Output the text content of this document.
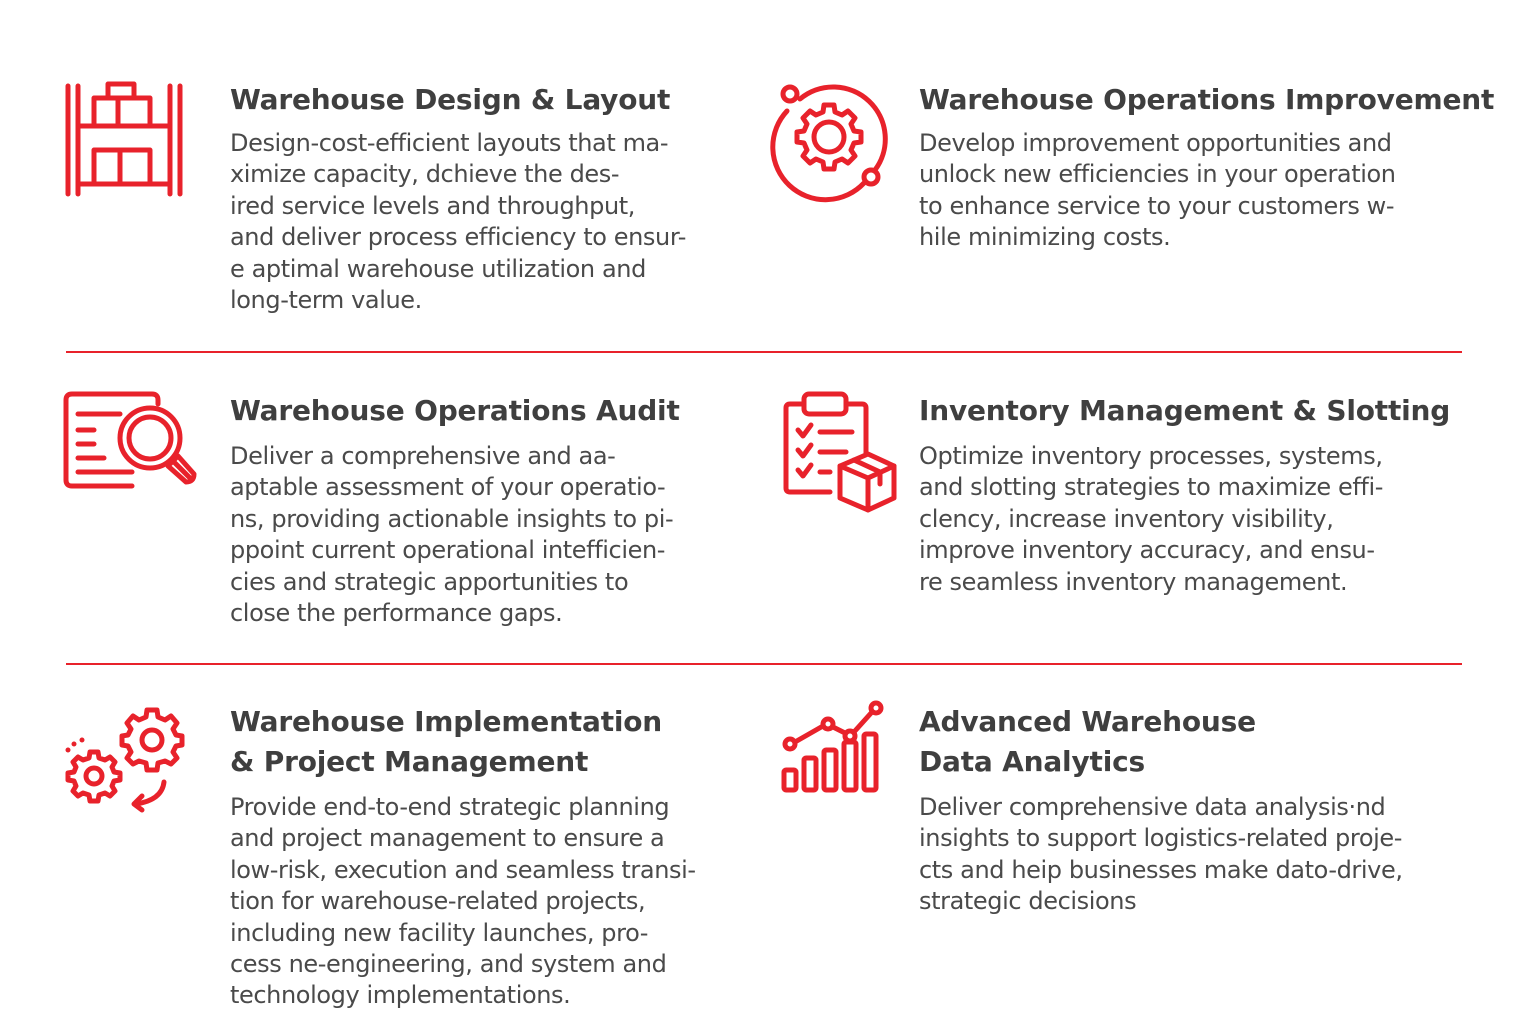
Warehouse Design & Layout

Design-cost-efficient layouts that ma-
ximize capacity, dchieve the des-
ired service levels and throughput,
and deliver process efficiency to ensur-
e aptimal warehouse utilization and
long-term value.

Warehouse Operations Improvement

Develop improvement opportunities and
unlock new efficiencies in your operation
to enhance service to your customers w-
hile minimizing costs.

Warehouse Operations Audit

Deliver a comprehensive and aa-
aptable assessment of your operatio-
ns, providing actionable insights to pi-
ppoint current operational intefficien-
cies and strategic apportunities to
close the performance gaps.

Inventory Management & Slotting

Optimize inventory processes, systems,
and slotting strategies to maximize effi-
clency, increase inventory visibility,
improve inventory accuracy, and ensu-
re seamless inventory management.

Warehouse Implementation
& Project Management

Provide end-to-end strategic planning
and project management to ensure a
low-risk, execution and seamless transi-
tion for warehouse-related projects,
including new facility launches, pro-
cess ne-engineering, and system and
technology implementations.

Advanced Warehouse
Data Analytics

Deliver comprehensive data analysis·nd
insights to support logistics-related proje-
cts and heip businesses make dato-drive,
strategic decisions
